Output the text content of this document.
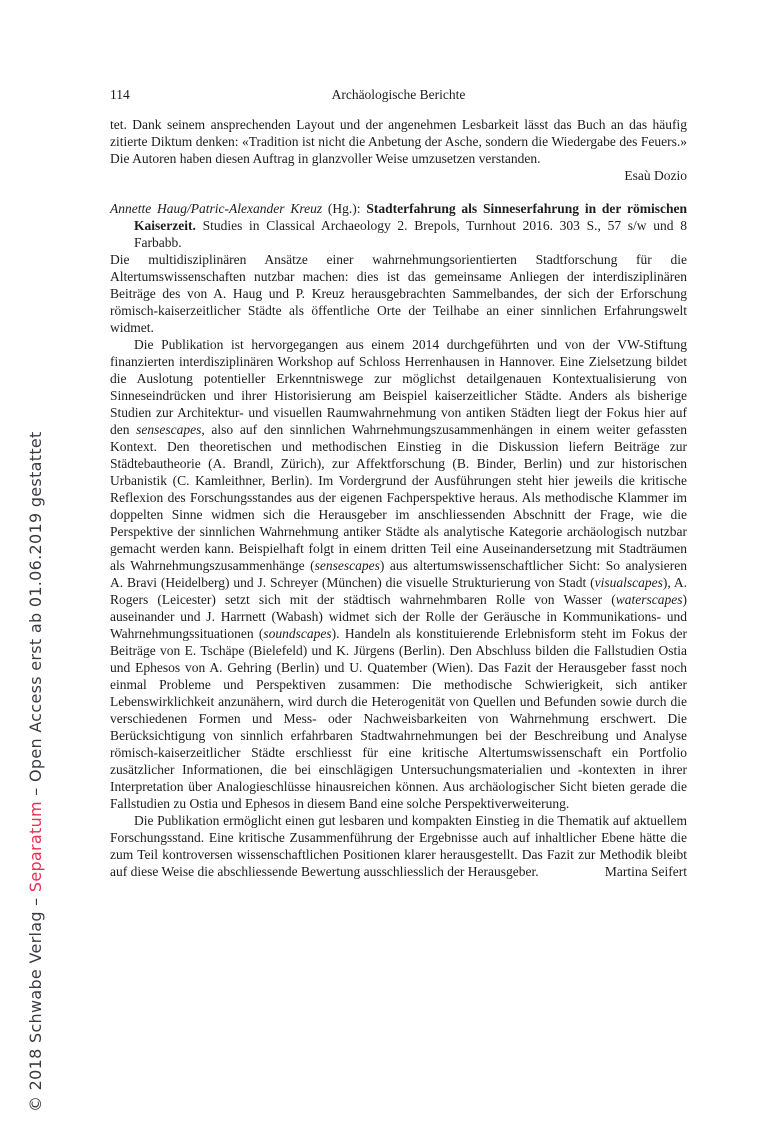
© 2018 Schwabe Verlag – Separatum – Open Access erst ab 01.06.2019 gestattet
114	Archäologische Berichte

tet. Dank seinem ansprechenden Layout und der angenehmen Lesbarkeit lässt das Buch an das häufig zitierte Diktum denken: «Tradition ist nicht die Anbetung der Asche, sondern die Wiedergabe des Feuers.» Die Autoren haben diesen Auftrag in glanzvoller Weise umzusetzen verstanden.

Esaù Dozio

Annette Haug/Patric-Alexander Kreuz (Hg.): Stadterfahrung als Sinneserfahrung in der römischen Kaiserzeit. Studies in Classical Archaeology 2. Brepols, Turnhout 2016. 303 S., 57 s/w und 8 Farbabb.

Die multidisziplinären Ansätze einer wahrnehmungsorientierten Stadtforschung für die Altertumswissenschaften nutzbar machen: dies ist das gemeinsame Anliegen der interdisziplinären Beiträge des von A. Haug und P. Kreuz herausgebrachten Sammelbandes, der sich der Erforschung römisch-kaiserzeitlicher Städte als öffentliche Orte der Teilhabe an einer sinnlichen Erfahrungswelt widmet.

Die Publikation ist hervorgegangen aus einem 2014 durchgeführten und von der VW-Stiftung finanzierten interdisziplinären Workshop auf Schloss Herrenhausen in Hannover. Eine Zielsetzung bildet die Auslotung potentieller Erkenntniswege zur möglichst detailgenauen Kontextualisierung von Sinneseindrücken und ihrer Historisierung am Beispiel kaiserzeitlicher Städte. Anders als bisherige Studien zur Architektur- und visuellen Raumwahrnehmung von antiken Städten liegt der Fokus hier auf den sensescapes, also auf den sinnlichen Wahrnehmungszusammenhängen in einem weiter gefassten Kontext. Den theoretischen und methodischen Einstieg in die Diskussion liefern Beiträge zur Städtebautheorie (A. Brandl, Zürich), zur Affektforschung (B. Binder, Berlin) und zur historischen Urbanistik (C. Kamleithner, Berlin). Im Vordergrund der Ausführungen steht hier jeweils die kritische Reflexion des Forschungsstandes aus der eigenen Fachperspektive heraus. Als methodische Klammer im doppelten Sinne widmen sich die Herausgeber im anschliessenden Abschnitt der Frage, wie die Perspektive der sinnlichen Wahrnehmung antiker Städte als analytische Kategorie archäologisch nutzbar gemacht werden kann. Beispielhaft folgt in einem dritten Teil eine Auseinandersetzung mit Stadträumen als Wahrnehmungszusammenhänge (sensescapes) aus altertumswissenschaftlicher Sicht: So analysieren A. Bravi (Heidelberg) und J. Schreyer (München) die visuelle Strukturierung von Stadt (visualscapes), A. Rogers (Leicester) setzt sich mit der städtisch wahrnehmbaren Rolle von Wasser (waterscapes) auseinander und J. Harrnett (Wabash) widmet sich der Rolle der Geräusche in Kommunikations- und Wahrnehmungssituationen (soundscapes). Handeln als konstituierende Erlebnisform steht im Fokus der Beiträge von E. Tschäpe (Bielefeld) und K. Jürgens (Berlin). Den Abschluss bilden die Fallstudien Ostia und Ephesos von A. Gehring (Berlin) und U. Quatember (Wien). Das Fazit der Herausgeber fasst noch einmal Probleme und Perspektiven zusammen: Die methodische Schwierigkeit, sich antiker Lebenswirklichkeit anzunähern, wird durch die Heterogenität von Quellen und Befunden sowie durch die verschiedenen Formen und Mess- oder Nachweisbarkeiten von Wahrnehmung erschwert. Die Berücksichtigung von sinnlich erfahrbaren Stadtwahrnehmungen bei der Beschreibung und Analyse römisch-kaiserzeitlicher Städte erschliesst für eine kritische Altertumswissenschaft ein Portfolio zusätzlicher Informationen, die bei einschlägigen Untersuchungsmaterialien und -kontexten in ihrer Interpretation über Analogieschlüsse hinausreichen können. Aus archäologischer Sicht bieten gerade die Fallstudien zu Ostia und Ephesos in diesem Band eine solche Perspektiverweiterung.

Die Publikation ermöglicht einen gut lesbaren und kompakten Einstieg in die Thematik auf aktuellem Forschungsstand. Eine kritische Zusammenführung der Ergebnisse auch auf inhaltlicher Ebene hätte die zum Teil kontroversen wissenschaftlichen Positionen klarer herausgestellt. Das Fazit zur Methodik bleibt auf diese Weise die abschliessende Bewertung ausschliesslich der Herausgeber.	Martina Seifert
